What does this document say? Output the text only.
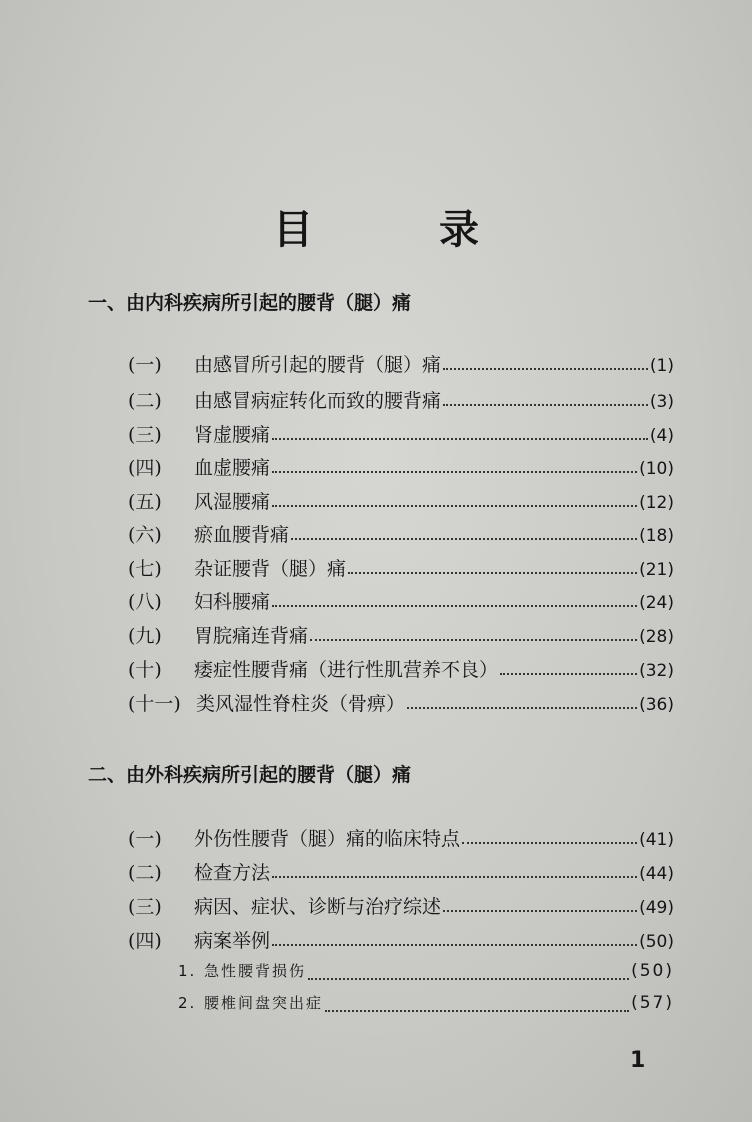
目 录
一、由内科疾病所引起的腰背（腿）痛
(一)	由感冒所引起的腰背（腿）痛	(1)
(二)	由感冒病症转化而致的腰背痛	(3)
(三)	肾虚腰痛	(4)
(四)	血虚腰痛	(10)
(五)	风湿腰痛	(12)
(六)	瘀血腰背痛	(18)
(七)	杂证腰背（腿）痛	(21)
(八)	妇科腰痛	(24)
(九)	胃脘痛连背痛	(28)
(十)	痿症性腰背痛（进行性肌营养不良）	(32)
(十一) 类风湿性脊柱炎（骨痹）	(36)
二、由外科疾病所引起的腰背（腿）痛
(一)	外伤性腰背（腿）痛的临床特点	(41)
(二)	检查方法	(44)
(三)	病因、症状、诊断与治疗综述	(49)
(四)	病案举例	(50)
1. 急性腰背损伤	(50)
2. 腰椎间盘突出症	(57)
1
